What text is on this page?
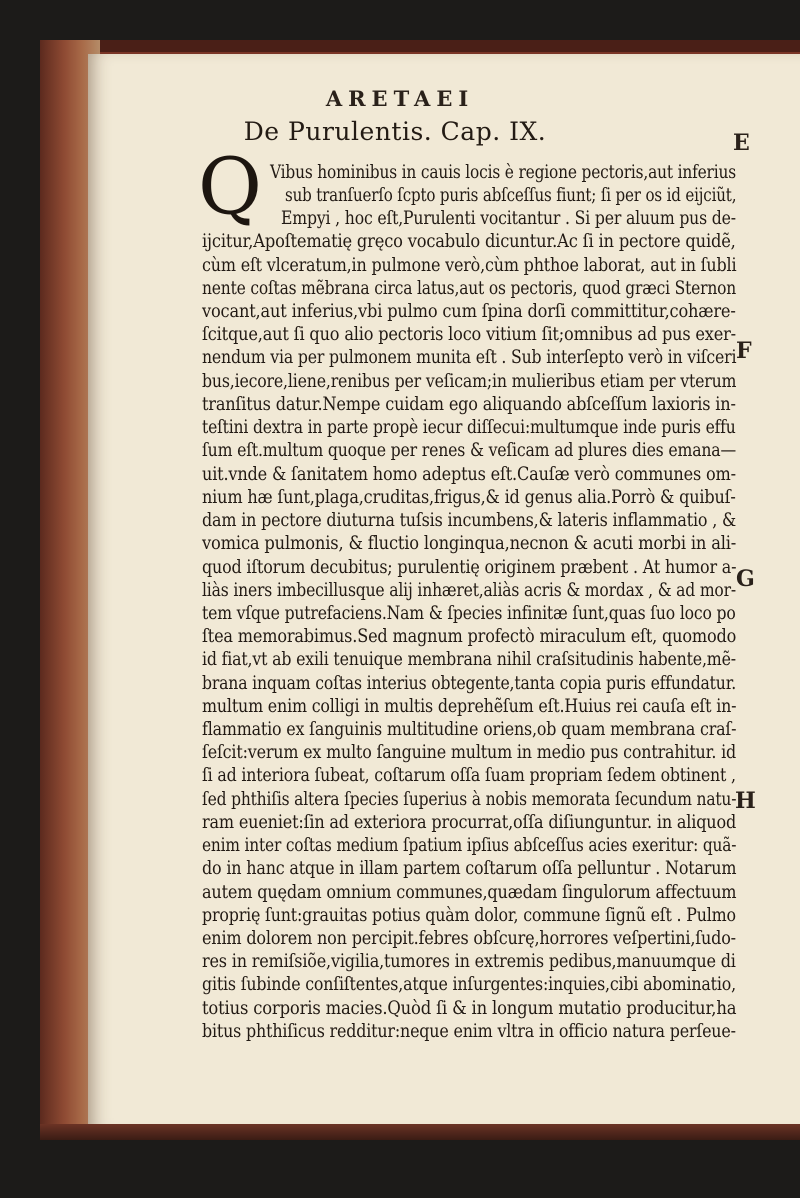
ARETAEI
De Purulentis. Cap. IX.
Q	E
F
G
H
Vibus hominibus in cauis locis è regione pectoris,aut inferius
sub tranſuerſo ſcpto puris abſceſſus fiunt; ſi per os id eijciũt,
Empyi , hoc eſt,Purulenti vocitantur . Si per aluum pus de-
ijcitur,Apoſtematię gręco vocabulo dicuntur.Ac ſi in pectore quidẽ,
cùm eſt vlceratum,in pulmone verò,cùm phthoe laborat, aut in ſubli
nente coſtas mẽbrana circa latus,aut os pectoris, quod græci Sternon
vocant,aut inferius,vbi pulmo cum ſpina dorſi committitur,cohære-
ſcitque,aut ſi quo alio pectoris loco vitium ſit;omnibus ad pus exer-
nendum via per pulmonem munita eſt . Sub interſepto verò in viſceri
bus,iecore,liene,renibus per veſicam;in mulieribus etiam per vterum
tranſitus datur.Nempe cuidam ego aliquando abſceſſum laxioris in-
teſtini dextra in parte propè iecur diſſecui:multumque inde puris effu
ſum eſt.multum quoque per renes & veſicam ad plures dies emana—
uit.vnde & ſanitatem homo adeptus eſt.Cauſæ verò communes om-
nium hæ ſunt,plaga,cruditas,frigus,& id genus alia.Porrò & quibuſ-
dam in pectore diuturna tuſsis incumbens,& lateris inflammatio , &
vomica pulmonis, & fluctio longinqua,necnon & acuti morbi in ali-
quod iſtorum decubitus; purulentię originem præbent . At humor a-
liàs iners imbecillusque alij inhæret,aliàs acris & mordax , & ad mor-
tem vſque putrefaciens.Nam & ſpecies infinitæ ſunt,quas ſuo loco po
ſtea memorabimus.Sed magnum profectò miraculum eſt, quomodo
id fiat,vt ab exili tenuique membrana nihil craſsitudinis habente,mẽ-
brana inquam coſtas interius obtegente,tanta copia puris effundatur.
multum enim colligi in multis deprehẽſum eſt.Huius rei cauſa eſt in-
flammatio ex ſanguinis multitudine oriens,ob quam membrana craſ-
ſeſcit:verum ex multo ſanguine multum in medio pus contrahitur. id
ſi ad interiora ſubeat, coſtarum oſſa ſuam propriam ſedem obtinent ,
ſed phthiſis altera ſpecies ſuperius à nobis memorata ſecundum natu-
ram eueniet:ſin ad exteriora procurrat,oſſa diſiunguntur. in aliquod
enim inter coſtas medium ſpatium ipſius abſceſſus acies exeritur: quã-
do in hanc atque in illam partem coſtarum oſſa pelluntur . Notarum
autem quędam omnium communes,quædam ſingulorum affectuum
proprię ſunt:grauitas potius quàm dolor, commune ſignũ eſt . Pulmo
enim dolorem non percipit.febres obſcurę,horrores veſpertini,ſudo-
res in remiſsiõe,vigilia,tumores in extremis pedibus,manuumque di
gitis ſubinde conſiſtentes,atque inſurgentes:inquies,cibi abominatio,
totius corporis macies.Quòd ſi & in longum mutatio producitur,ha
bitus phthiſicus redditur:neque enim vltra in officio natura perſeue-
